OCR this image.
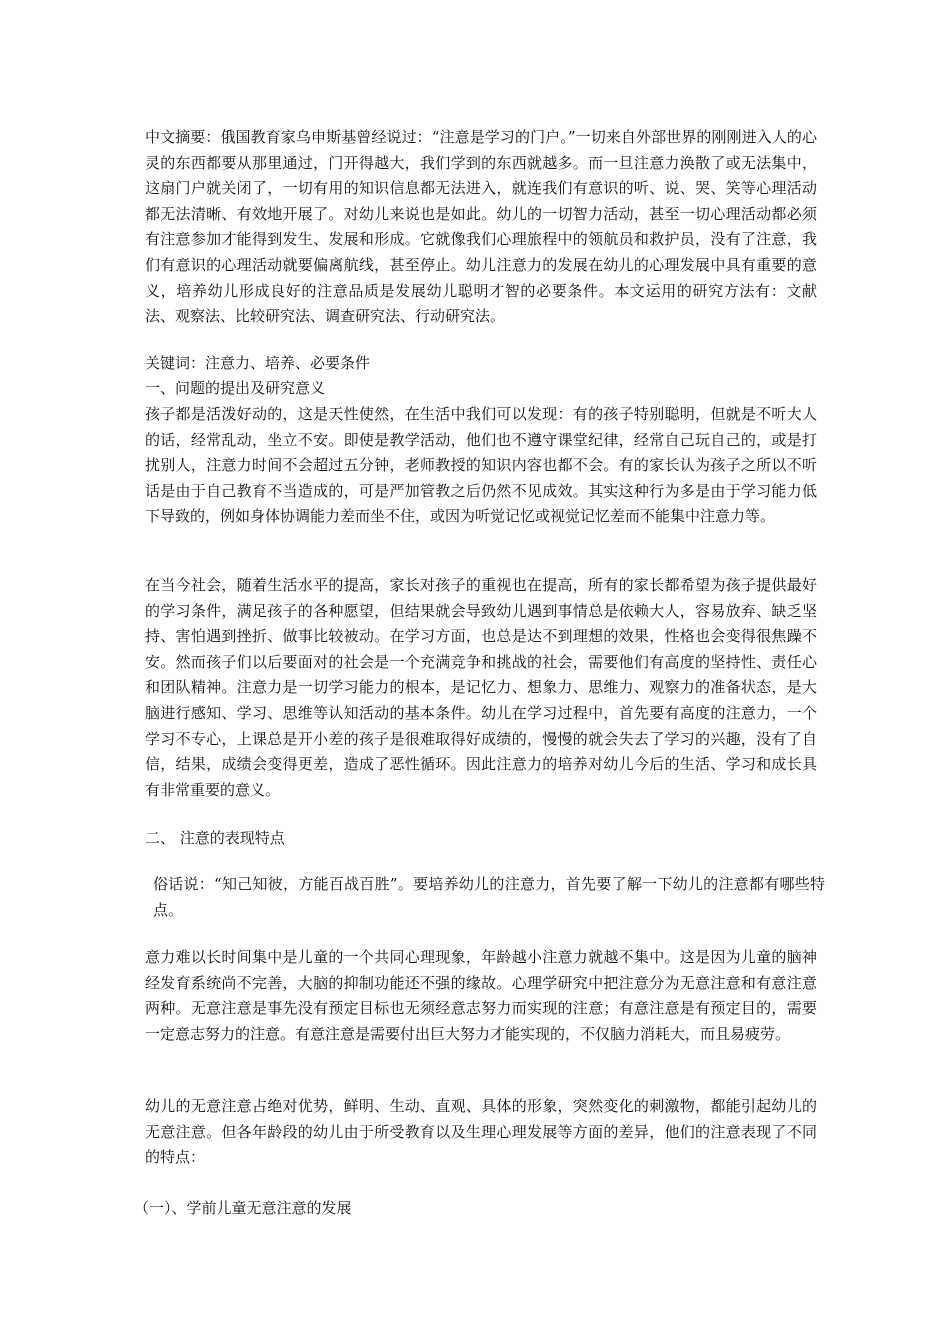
中文摘要：俄国教育家乌申斯基曾经说过：“注意是学习的门户。”一切来自外部世界的刚刚进入人的心灵的东西都要从那里通过，门开得越大，我们学到的东西就越多。而一旦注意力涣散了或无法集中，这扇门户就关闭了，一切有用的知识信息都无法进入，就连我们有意识的听、说、哭、笑等心理活动都无法清晰、有效地开展了。对幼儿来说也是如此。幼儿的一切智力活动，甚至一切心理活动都必须有注意参加才能得到发生、发展和形成。它就像我们心理旅程中的领航员和救护员，没有了注意，我们有意识的心理活动就要偏离航线，甚至停止。幼儿注意力的发展在幼儿的心理发展中具有重要的意义，培养幼儿形成良好的注意品质是发展幼儿聪明才智的必要条件。本文运用的研究方法有：文献法、观察法、比较研究法、调查研究法、行动研究法。

关键词：注意力、培养、必要条件

一、问题的提出及研究意义

孩子都是活泼好动的，这是天性使然，在生活中我们可以发现：有的孩子特别聪明，但就是不听大人的话，经常乱动，坐立不安。即使是教学活动，他们也不遵守课堂纪律，经常自己玩自己的，或是打扰别人，注意力时间不会超过五分钟，老师教授的知识内容也都不会。有的家长认为孩子之所以不听话是由于自己教育不当造成的，可是严加管教之后仍然不见成效。其实这种行为多是由于学习能力低下导致的，例如身体协调能力差而坐不住，或因为听觉记忆或视觉记忆差而不能集中注意力等。

在当今社会，随着生活水平的提高，家长对孩子的重视也在提高，所有的家长都希望为孩子提供最好的学习条件，满足孩子的各种愿望，但结果就会导致幼儿遇到事情总是依赖大人，容易放弃、缺乏坚持、害怕遇到挫折、做事比较被动。在学习方面，也总是达不到理想的效果，性格也会变得很焦躁不安。然而孩子们以后要面对的社会是一个充满竞争和挑战的社会，需要他们有高度的坚持性、责任心和团队精神。注意力是一切学习能力的根本，是记忆力、想象力、思维力、观察力的准备状态，是大脑进行感知、学习、思维等认知活动的基本条件。幼儿在学习过程中，首先要有高度的注意力，一个学习不专心，上课总是开小差的孩子是很难取得好成绩的，慢慢的就会失去了学习的兴趣，没有了自信，结果，成绩会变得更差，造成了恶性循环。因此注意力的培养对幼儿今后的生活、学习和成长具有非常重要的意义。

二、 注意的表现特点

俗话说：“知己知彼，方能百战百胜”。要培养幼儿的注意力，首先要了解一下幼儿的注意都有哪些特点。

意力难以长时间集中是儿童的一个共同心理现象，年龄越小注意力就越不集中。这是因为儿童的脑神经发育系统尚不完善，大脑的抑制功能还不强的缘故。心理学研究中把注意分为无意注意和有意注意两种。无意注意是事先没有预定目标也无须经意志努力而实现的注意；有意注意是有预定目的，需要一定意志努力的注意。有意注意是需要付出巨大努力才能实现的，不仅脑力消耗大，而且易疲劳。

幼儿的无意注意占绝对优势，鲜明、生动、直观、具体的形象，突然变化的刺激物，都能引起幼儿的无意注意。但各年龄段的幼儿由于所受教育以及生理心理发展等方面的差异，他们的注意表现了不同的特点：

（一）、学前儿童无意注意的发展
